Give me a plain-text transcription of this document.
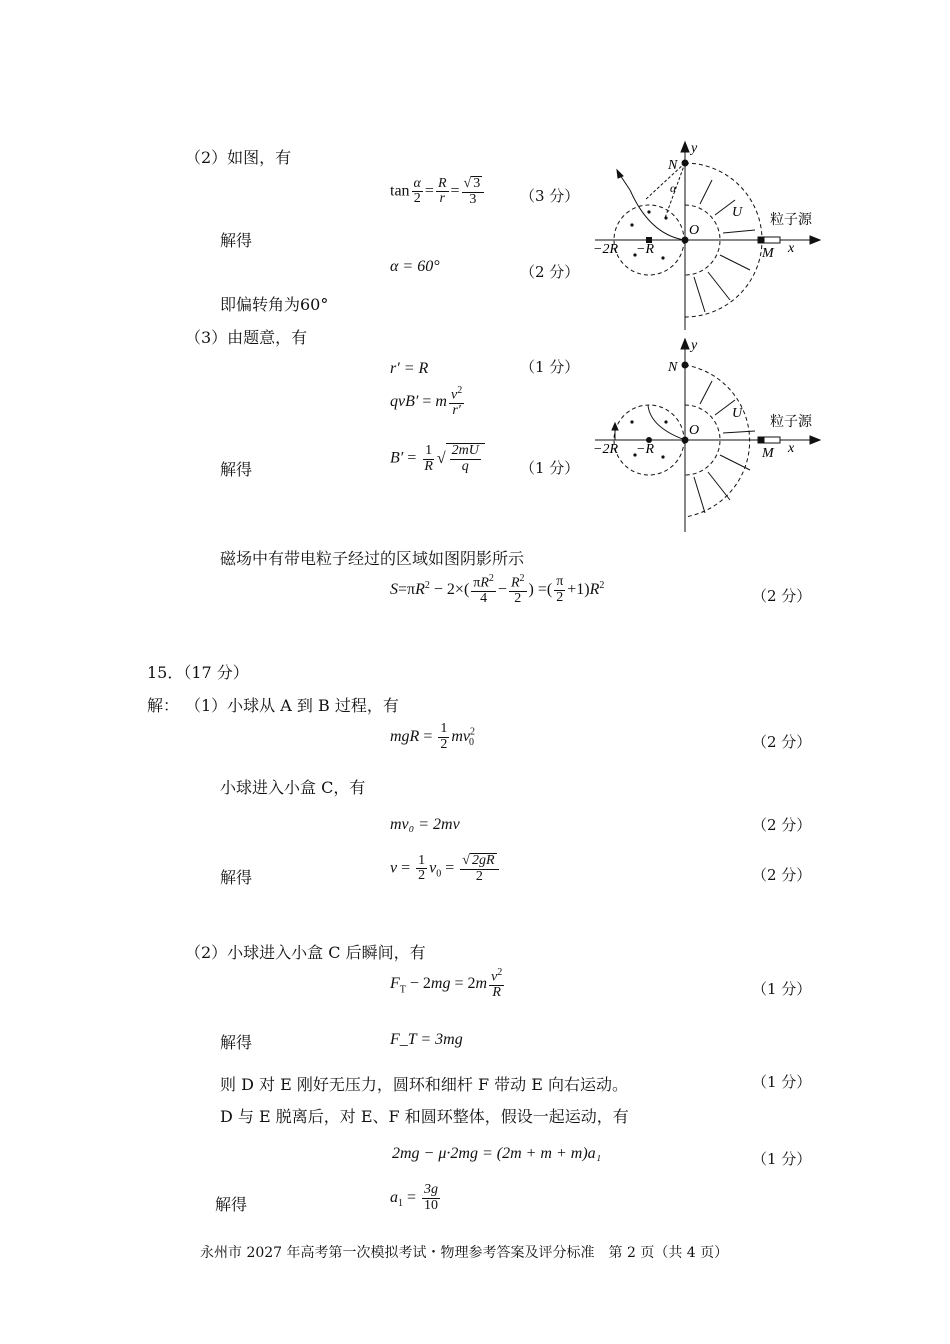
（2）如图，有
$\tan \frac{\alpha}{2} = \frac{R}{r} = \frac{√ 3}{3} (3$ 分）
解得
α = 60°	（2 分）
即偏转角为60°
（3）由题意，有
r′ = R	（1 分）
qvB′ = m $\frac{v^2}{r'}$
解得
$B' = \frac{1}{R}$ √ $\frac{2mU}{q}$	（1 分）
磁场中有带电粒子经过的区域如图阴影所示
$S=\pi R^2 - 2\times( \frac{\pi R^2}{4} - \frac{R^2}{2}$ ) =( $\frac{\pi}{2} +1)R^2$
（2 分）
y
N
α
O
U
粒子源
M x
−2R −R
y
N
O
U
粒子源
M x
−2R −R
15．（17 分）
解： （1）小球从 A 到 B 过程，有
mgR = $\frac{1}{2} mv^2_0$	（2 分）
小球进入小盒 C，有
mv₀ = 2mv	（2 分）
解得
$v = \frac{1}{2} v_0 = \frac{√ 2gR}{2}$	（2 分）
（2）小球进入小盒 C 后瞬间，有
$F_T - 2mg = 2m \frac{v^2}{R}$	（1 分）
解得	F_T = 3mg
则 D 对 E 刚好无压力，圆环和细杆 F 带动 E 向右运动。	（1 分）
D 与 E 脱离后，对 E、F 和圆环整体，假设一起运动，有
2mg − μ·2mg = (2m + m + m)a₁	（1 分）
解得	$a_1 = \frac{3g}{10}$
永州市 2027 年高考第一次模拟考试・物理参考答案及评分标准　第 2 页（共 4 页）
